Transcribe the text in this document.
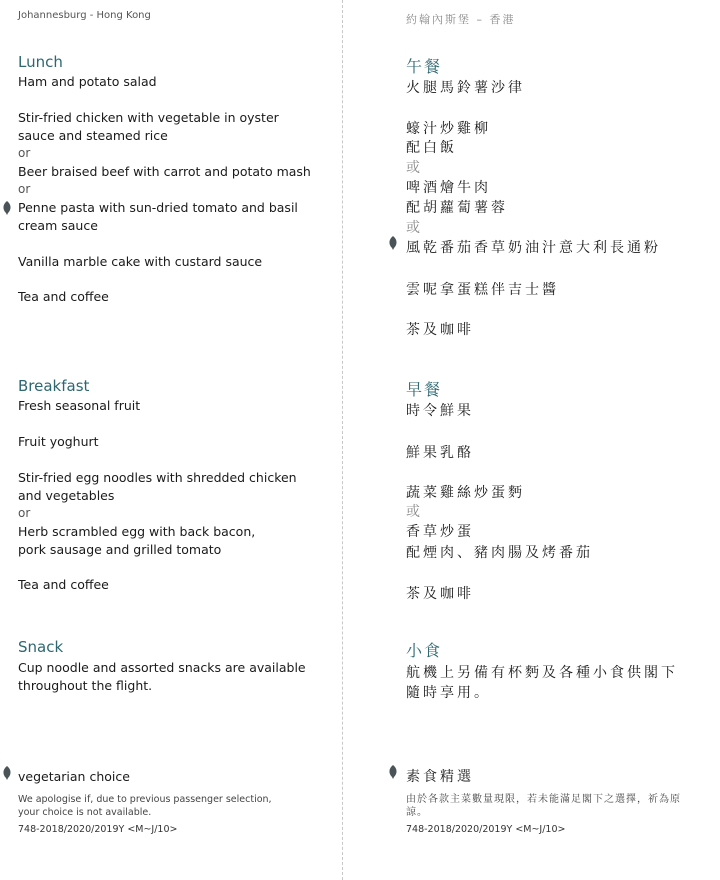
Johannesburg - Hong Kong
Lunch
Ham and potato salad
Stir-fried chicken with vegetable in oyster
sauce and steamed rice
or
Beer braised beef with carrot and potato mash
or
Penne pasta with sun-dried tomato and basil
cream sauce
Vanilla marble cake with custard sauce
Tea and coffee
Breakfast
Fresh seasonal fruit
Fruit yoghurt
Stir-fried egg noodles with shredded chicken
and vegetables
or
Herb scrambled egg with back bacon,
pork sausage and grilled tomato
Tea and coffee
Snack
Cup noodle and assorted snacks are available
throughout the flight.
vegetarian choice
We apologise if, due to previous passenger selection,
your choice is not available.
748-2018/2020/2019Y <M~J/10>
約翰內斯堡 – 香港
午餐
火腿馬鈴薯沙律
蠔汁炒雞柳
配白飯
或
啤酒燴牛肉
配胡蘿蔔薯蓉
或
風乾番茄香草奶油汁意大利長通粉
雲呢拿蛋糕伴吉士醬
茶及咖啡
早餐
時令鮮果
鮮果乳酪
蔬菜雞絲炒蛋麪
或
香草炒蛋
配煙肉、豬肉腸及烤番茄
茶及咖啡
小食
航機上另備有杯麪及各種小食供閣下
隨時享用。
素食精選
由於各款主菜數量現限，若未能滿足閣下之選擇，祈為原諒。
748-2018/2020/2019Y <M~J/10>
